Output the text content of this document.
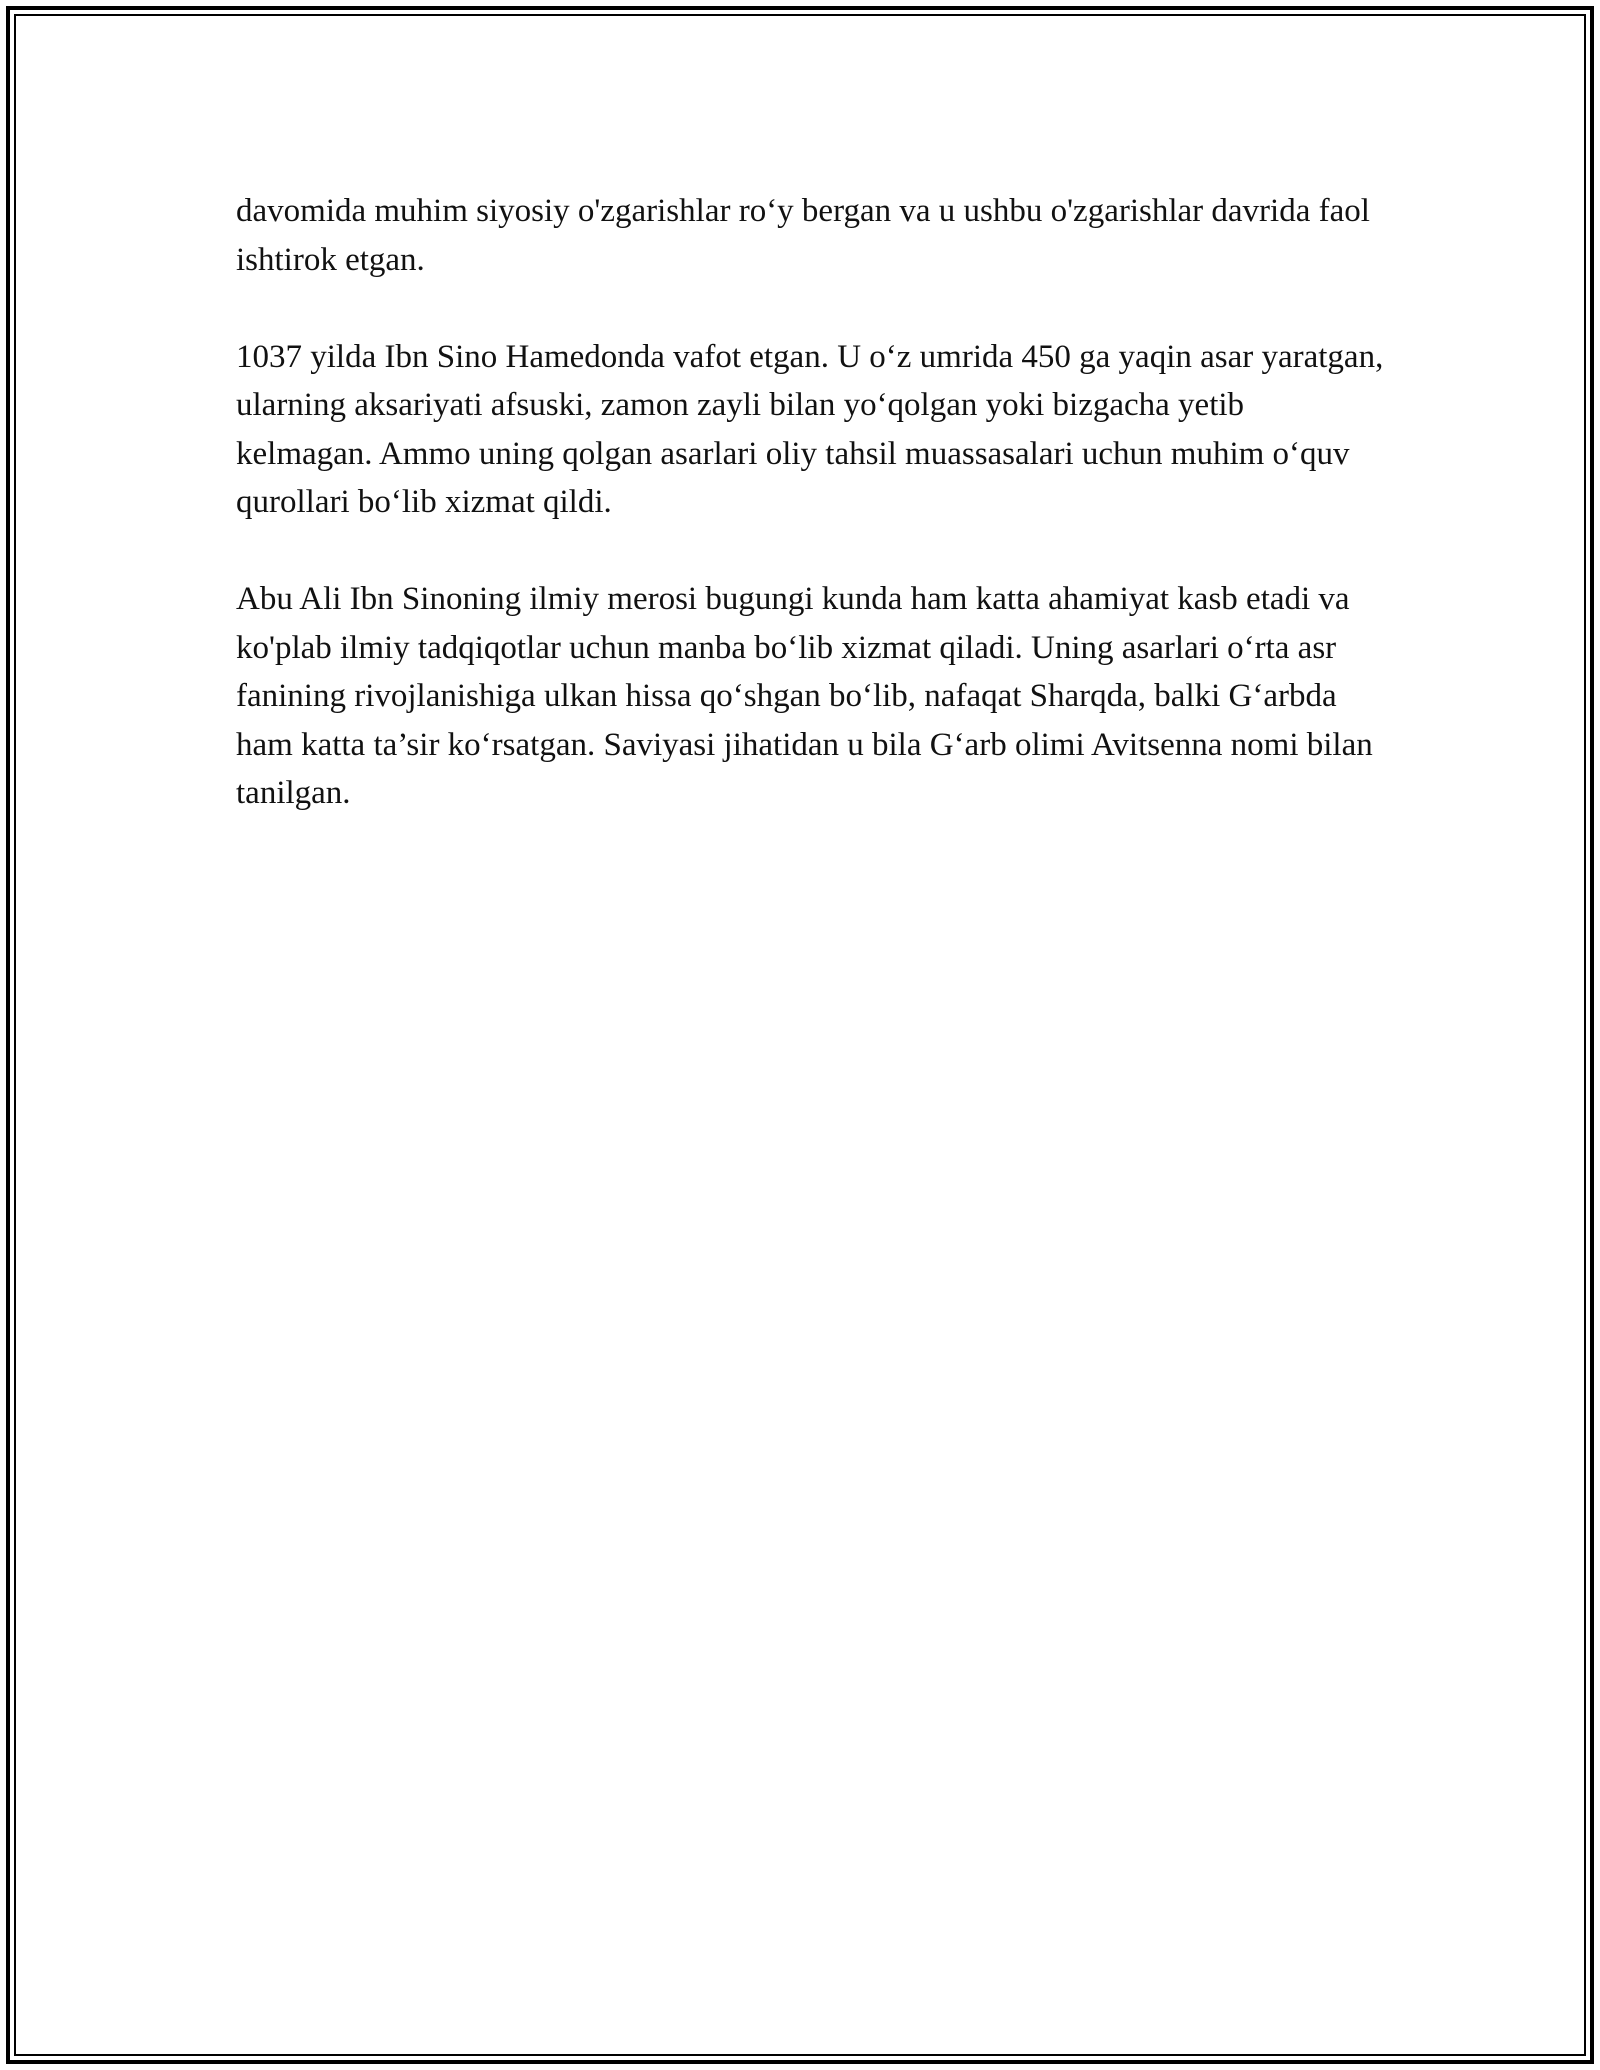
davomida muhim siyosiy o'zgarishlar ro‘y bergan va u ushbu o'zgarishlar davrida faol ishtirok etgan.

1037 yilda Ibn Sino Hamedonda vafot etgan. U o‘z umrida 450 ga yaqin asar yaratgan, ularning aksariyati afsuski, zamon zayli bilan yo‘qolgan yoki bizgacha yetib kelmagan. Ammo uning qolgan asarlari oliy tahsil muassasalari uchun muhim o‘quv qurollari bo‘lib xizmat qildi.

Abu Ali Ibn Sinoning ilmiy merosi bugungi kunda ham katta ahamiyat kasb etadi va ko'plab ilmiy tadqiqotlar uchun manba bo‘lib xizmat qiladi. Uning asarlari o‘rta asr fanining rivojlanishiga ulkan hissa qo‘shgan bo‘lib, nafaqat Sharqda, balki G‘arbda ham katta ta’sir ko‘rsatgan. Saviyasi jihatidan u bila G‘arb olimi Avitsenna nomi bilan tanilgan.
